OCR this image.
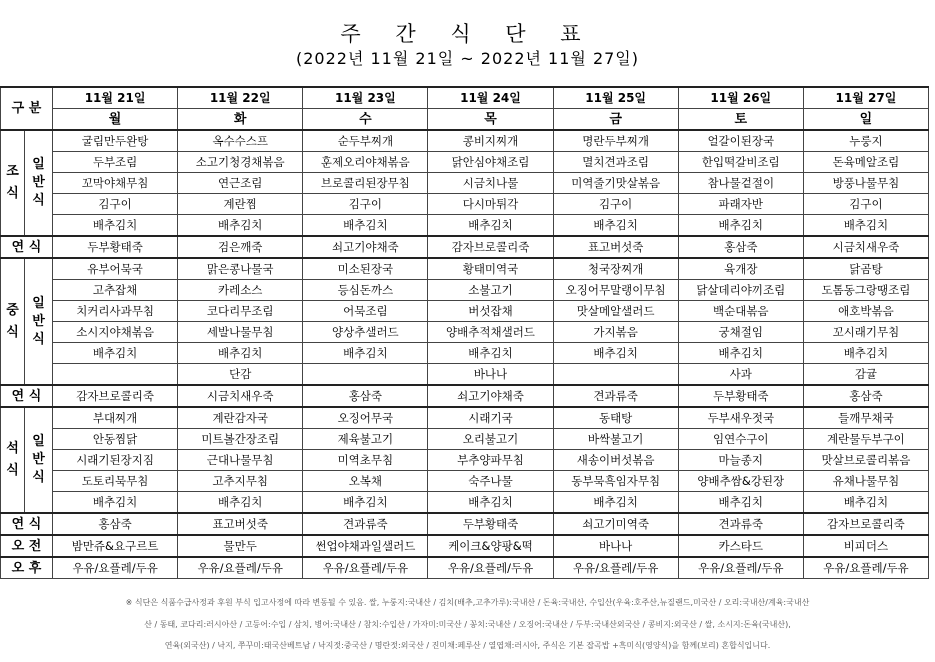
주 간 식 단 표
(2022년 11월 21일 ~ 2022년 11월 27일)
구 분		11월 21일	11월 22일	11월 23일	11월 24일	11월 25일	11월 26일	11월 27일
		월	화	수	목	금	토	일
조
식	일
반
식	굴림만두완탕	옥수수스프	순두부찌개	콩비지찌개	명란두부찌개	얼갈이된장국	누룽지
		두부조림	소고기청경채볶음	훈제오리야채볶음	닭안심야채조림	멸치견과조림	한입떡갈비조림	돈육메알조림
		꼬막야채무침	연근조림	브로콜리된장무침	시금치나물	미역줄기맛살볶음	참나물겉절이	방풍나물무침
		김구이	계란찜	김구이	다시마튀각	김구이	파래자반	김구이
		배추김치	배추김치	배추김치	배추김치	배추김치	배추김치	배추김치
연 식		두부황태죽	검은깨죽	쇠고기야채죽	감자브로콜리죽	표고버섯죽	홍삼죽	시금치새우죽
중
식	일
반
식	유부어묵국	맑은콩나물국	미소된장국	황태미역국	청국장찌개	육개장	닭곰탕
		고추잡채	카레소스	등심돈까스	소불고기	오징어무말랭이무침	닭살데리야끼조림	도톰동그랑땡조림
		치커리사과무침	코다리무조림	어묵조림	버섯잡채	맛살메알샐러드	백순대볶음	애호박볶음
		소시지야채볶음	세발나물무침	양상추샐러드	양배추적채샐러드	가지볶음	궁채절임	꼬시래기무침
		배추김치	배추김치	배추김치	배추김치	배추김치	배추김치	배추김치
			단감		바나나		사과	감귤
연 식		감자브로콜리죽	시금치새우죽	홍삼죽	쇠고기야채죽	견과류죽	두부황태죽	홍삼죽
석
식	일
반
식	부대찌개	계란감자국	오징어무국	시래기국	동태탕	두부새우젓국	들깨무채국
		안동찜닭	미트볼간장조림	제육불고기	오리불고기	바싹불고기	임연수구이	계란물두부구이
		시래기된장지짐	근대나물무침	미역초무침	부추양파무침	새송이버섯볶음	마늘종지	맛살브로콜리볶음
		도토리묵무침	고추지무침	오복채	숙주나물	동부묵흑임자무침	양배추쌈&강된장	유채나물무침
		배추김치	배추김치	배추김치	배추김치	배추김치	배추김치	배추김치
연 식		홍삼죽	표고버섯죽	견과류죽	두부황태죽	쇠고기미역죽	견과류죽	감자브로콜리죽
오 전		밤만쥬&요구르트	물만두	썬업야채과일샐러드	케이크&양팡&떡	바나나	카스타드	비피더스
오 후		우유/요플레/두유	우유/요플레/두유	우유/요플레/두유	우유/요플레/두유	우유/요플레/두유	우유/요플레/두유	우유/요플레/두유
※ 식단은 식품수급사정과 후원 부식 입고사정에 따라 변동될 수 있음. 쌀, 누룽지:국내산 / 김치(배추,고추가루):국내산 / 돈육:국내산, 수입산(우육:호주산,뉴질랜드,미국산 / 오리:국내산/계육:국내산
산 / 동태, 코다리:러시아산 / 고등어:수입 / 삼치, 병어:국내산 / 참치:수입산 / 가자미:미국산 / 꽁치:국내산 / 오징어:국내산 / 두부:국내산외국산 / 콩비지:외국산 / 쌀, 소시지:돈육(국내산),
연육(외국산) / 낙지, 쭈꾸미:태국산베트남 / 낙지젓:중국산 / 명란젓:외국산 / 진미채:페루산 / 열엽채:러시아, 주식은 기본 잡곡밥 +흑미식(영양식)을 함께(보리) 혼합식입니다.
